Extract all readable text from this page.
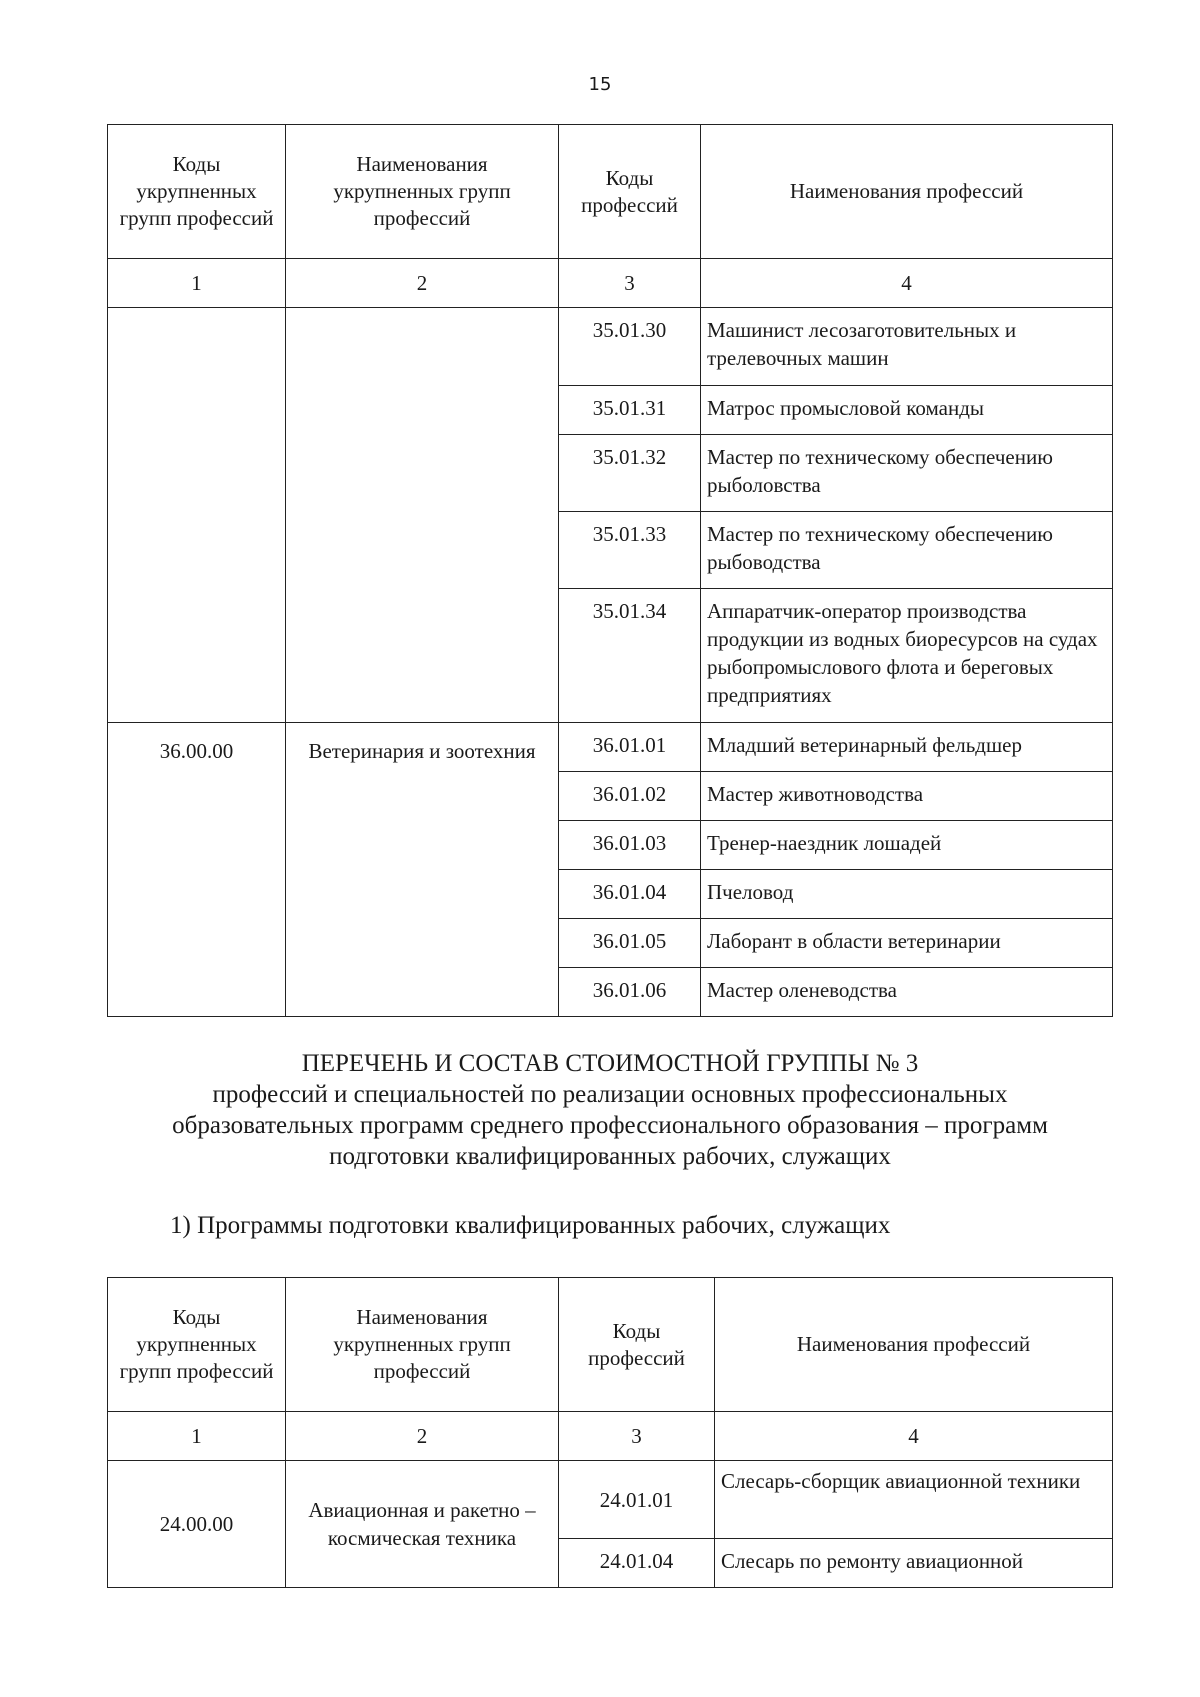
15
Коды укрупненных групп профессий	Наименования укрупненных групп профессий	Коды профессий	Наименования профессий
1	2	3	4
		35.01.30	Машинист лесозаготовительных и трелевочных машин
		35.01.31	Матрос промысловой команды
		35.01.32	Мастер по техническому обеспечению рыболовства
		35.01.33	Мастер по техническому обеспечению рыбоводства
		35.01.34	Аппаратчик-оператор производства продукции из водных биоресурсов на судах рыбопромыслового флота и береговых предприятиях
36.00.00	Ветеринария и зоотехния	36.01.01	Младший ветеринарный фельдшер
		36.01.02	Мастер животноводства
		36.01.03	Тренер-наездник лошадей
		36.01.04	Пчеловод
		36.01.05	Лаборант в области ветеринарии
		36.01.06	Мастер оленеводства
ПЕРЕЧЕНЬ И СОСТАВ СТОИМОСТНОЙ ГРУППЫ № 3
профессий и специальностей по реализации основных профессиональных
образовательных программ среднего профессионального образования – программ
подготовки квалифицированных рабочих, служащих
1) Программы подготовки квалифицированных рабочих, служащих
Коды укрупненных групп профессий	Наименования укрупненных групп профессий	Коды профессий	Наименования профессий
1	2	3	4
24.00.00	Авиационная и ракетно –космическая техника	24.01.01	Слесарь-сборщик авиационной техники
		24.01.04	Слесарь по ремонту авиационной
